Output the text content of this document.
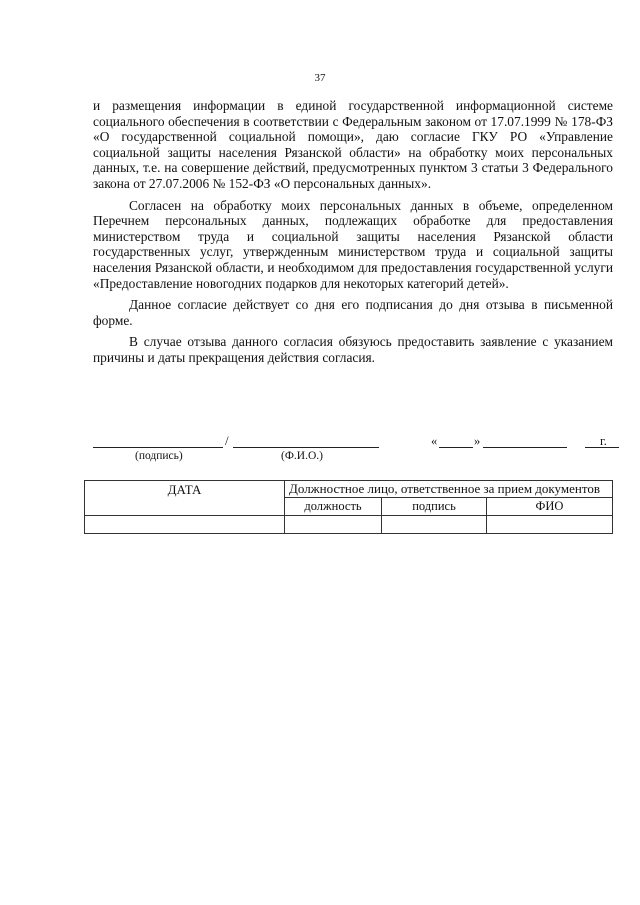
37

и размещения информации в единой государственной информационной системе социального обеспечения в соответствии с Федеральным законом от 17.07.1999 № 178-ФЗ «О государственной социальной помощи», даю согласие ГКУ РО «Управление социальной защиты населения Рязанской области» на обработку моих персональных данных, т.е. на совершение действий, предусмотренных пунктом 3 статьи 3 Федерального закона от 27.07.2006 № 152-ФЗ «О персональных данных».

Согласен на обработку моих персональных данных в объеме, определенном Перечнем персональных данных, подлежащих обработке для предоставления министерством труда и социальной защиты населения Рязанской области государственных услуг, утвержденным министерством труда и социальной защиты населения Рязанской области, и необходимом для предоставления государственной услуги «Предоставление новогодних подарков для некоторых категорий детей».

Данное согласие действует со дня его подписания до дня отзыва в письменной форме.

В случае отзыва данного согласия обязуюсь предоставить заявление с указанием причины и даты прекращения действия согласия.

/
(подпись)	(Ф.И.О.)
«	»	г.
ДАТА	Должностное лицо, ответственное за прием документов		
	должность	подпись	ФИО
